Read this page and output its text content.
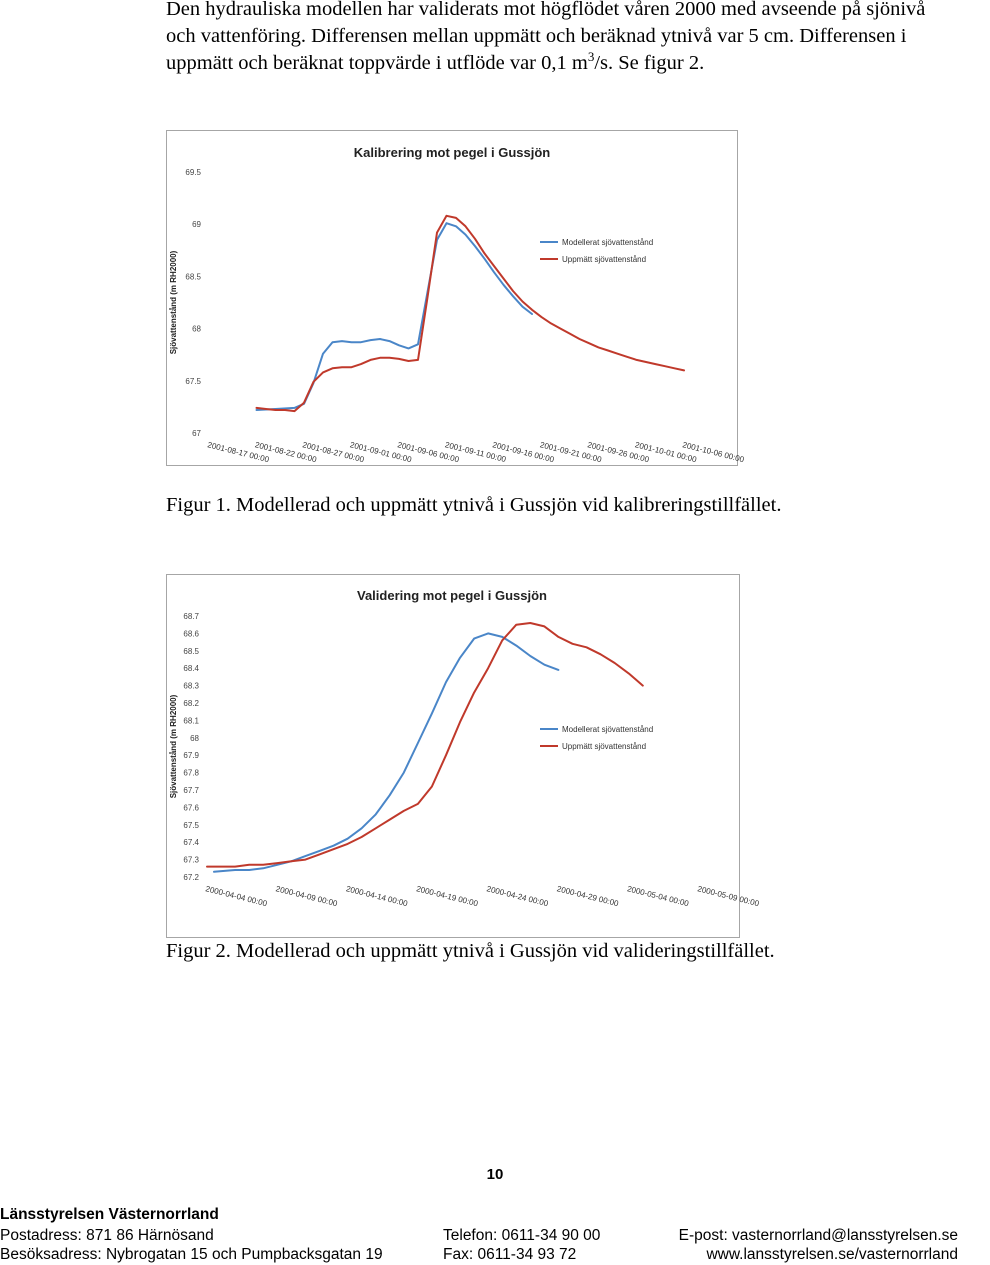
Den hydrauliska modellen har validerats mot högflödet våren 2000 med avseende på sjönivå och vattenföring. Differensen mellan uppmätt och beräknad ytnivå var 5 cm. Differensen i uppmätt och beräknat toppvärde i utflöde var 0,1 $m^3/s$. Se figur 2.
Kalibrering mot pegel i Gussjön
Sjövattenstånd (m RH2000)
67
67.5
68
68.5
69
69.5
2001-08-17 00:00
2001-08-22 00:00
2001-08-27 00:00
2001-09-01 00:00
2001-09-06 00:00
2001-09-11 00:00
2001-09-16 00:00
2001-09-21 00:00
2001-09-26 00:00
2001-10-01 00:00
2001-10-06 00:00
Modellerat sjövattenstånd
Uppmätt sjövattenstånd
Figur 1. Modellerad och uppmätt ytnivå i Gussjön vid kalibreringstillfället.
Validering mot pegel i Gussjön
Sjövattenstånd (m RH2000)
67.2
67.3
67.4
67.5
67.6
67.7
67.8
67.9
68
68.1
68.2
68.3
68.4
68.5
68.6
68.7
2000-04-04 00:00 2000-04-09 00:00 2000-04-14 00:00 2000-04-19 00:00 2000-04-24 00:00 2000-04-29 00:00 2000-05-04 00:00 2000-05-09 00:00
Modellerat sjövattenstånd
Uppmätt sjövattenstånd
Figur 2. Modellerad och uppmätt ytnivå i Gussjön vid valideringstillfället.
10
Länsstyrelsen Västernorrland
Postadress: 871 86 Härnösand	Telefon: 0611-34 90 00	E-post: vasternorrland@lansstyrelsen.se
Besöksadress: Nybrogatan 15 och Pumpbacksgatan 19	Fax: 0611-34 93 72	www.lansstyrelsen.se/vasternorrland
